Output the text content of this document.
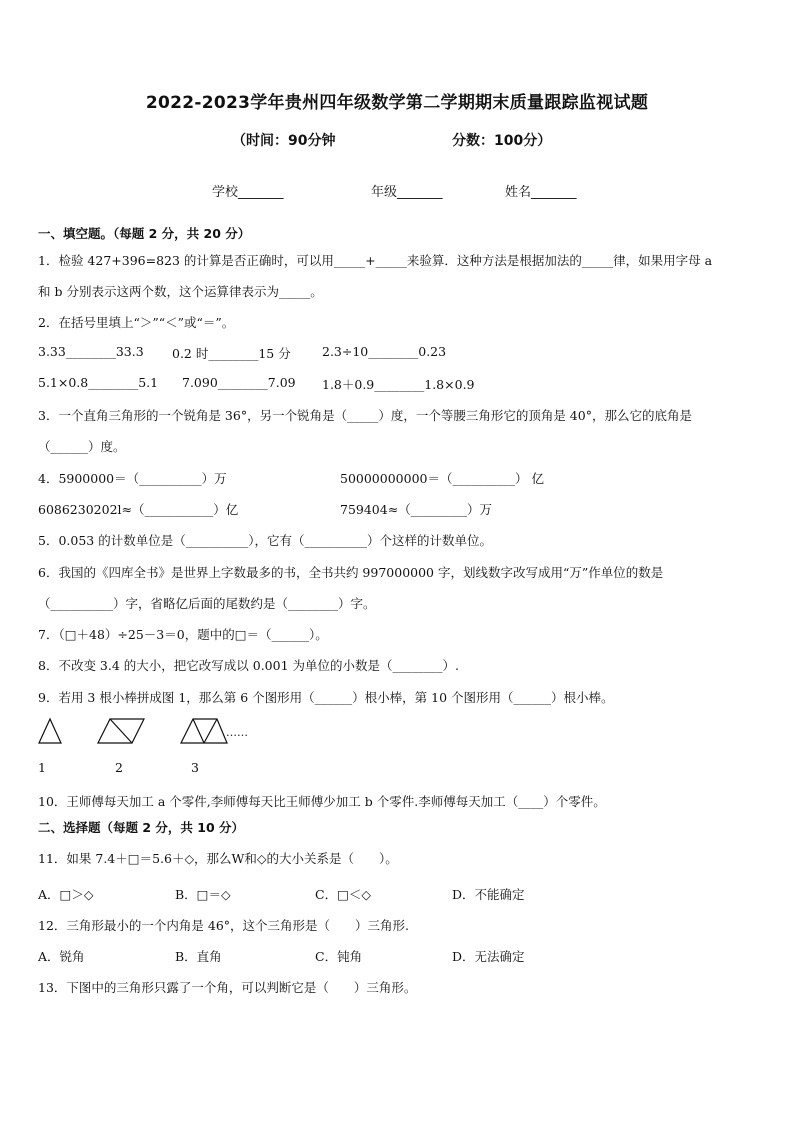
2022-2023学年贵州四年级数学第二学期期末质量跟踪监视试题
（时间：90分钟	分数：100分）
学校_______	年级_______	姓名_______
一、填空题。（每题 2 分，共 20 分）
1．检验 427+396=823 的计算是否正确时，可以用_____+_____来验算．这种方法是根据加法的_____律，如果用字母 a
和 b 分别表示这两个数，这个运算律表示为_____。
2．在括号里填上“＞”“＜”或“＝”。
3.33________33.3 0.2 时________15 分	2.3÷10________0.23
5.1×0.8________5.1 7.090________7.09 1.8＋0.9________1.8×0.9
3．一个直角三角形的一个锐角是 36°，另一个锐角是（_____）度，一个等腰三角形它的顶角是 40°，那么它的底角是
（______）度。
4．5900000＝（__________）万	50000000000＝（__________） 亿
6086230202l≈（___________）亿	759404≈（_________）万
5．0.053 的计数单位是（__________），它有（__________）个这样的计数单位。
6．我国的《四库全书》是世界上字数最多的书，全书共约 997000000 字，划线数字改写成用“万”作单位的数是
（__________）字，省略亿后面的尾数约是（________）字。
7．（□＋48）÷25－3＝0，题中的□＝（______）。
8．不改变 3.4 的大小，把它改写成以 0.001 为单位的小数是（________）.
9．若用 3 根小棒拼成图 1，那么第 6 个图形用（______）根小棒，第 10 个图形用（______）根小棒。
……
1	2	3
10．王师傅每天加工 a 个零件,李师傅每天比王师傅少加工 b 个零件.李师傅每天加工（____）个零件。
二、选择题（每题 2 分，共 10 分）
11．如果 7.4＋□＝5.6＋◇，那么W和◇的大小关系是（　　）。
A．□＞◇	B．□＝◇	C．□＜◇	D．不能确定
12．三角形最小的一个内角是 46°，这个三角形是（　　）三角形.
A．锐角	B．直角	C．钝角	D．无法确定
13．下图中的三角形只露了一个角，可以判断它是（　　）三角形。
